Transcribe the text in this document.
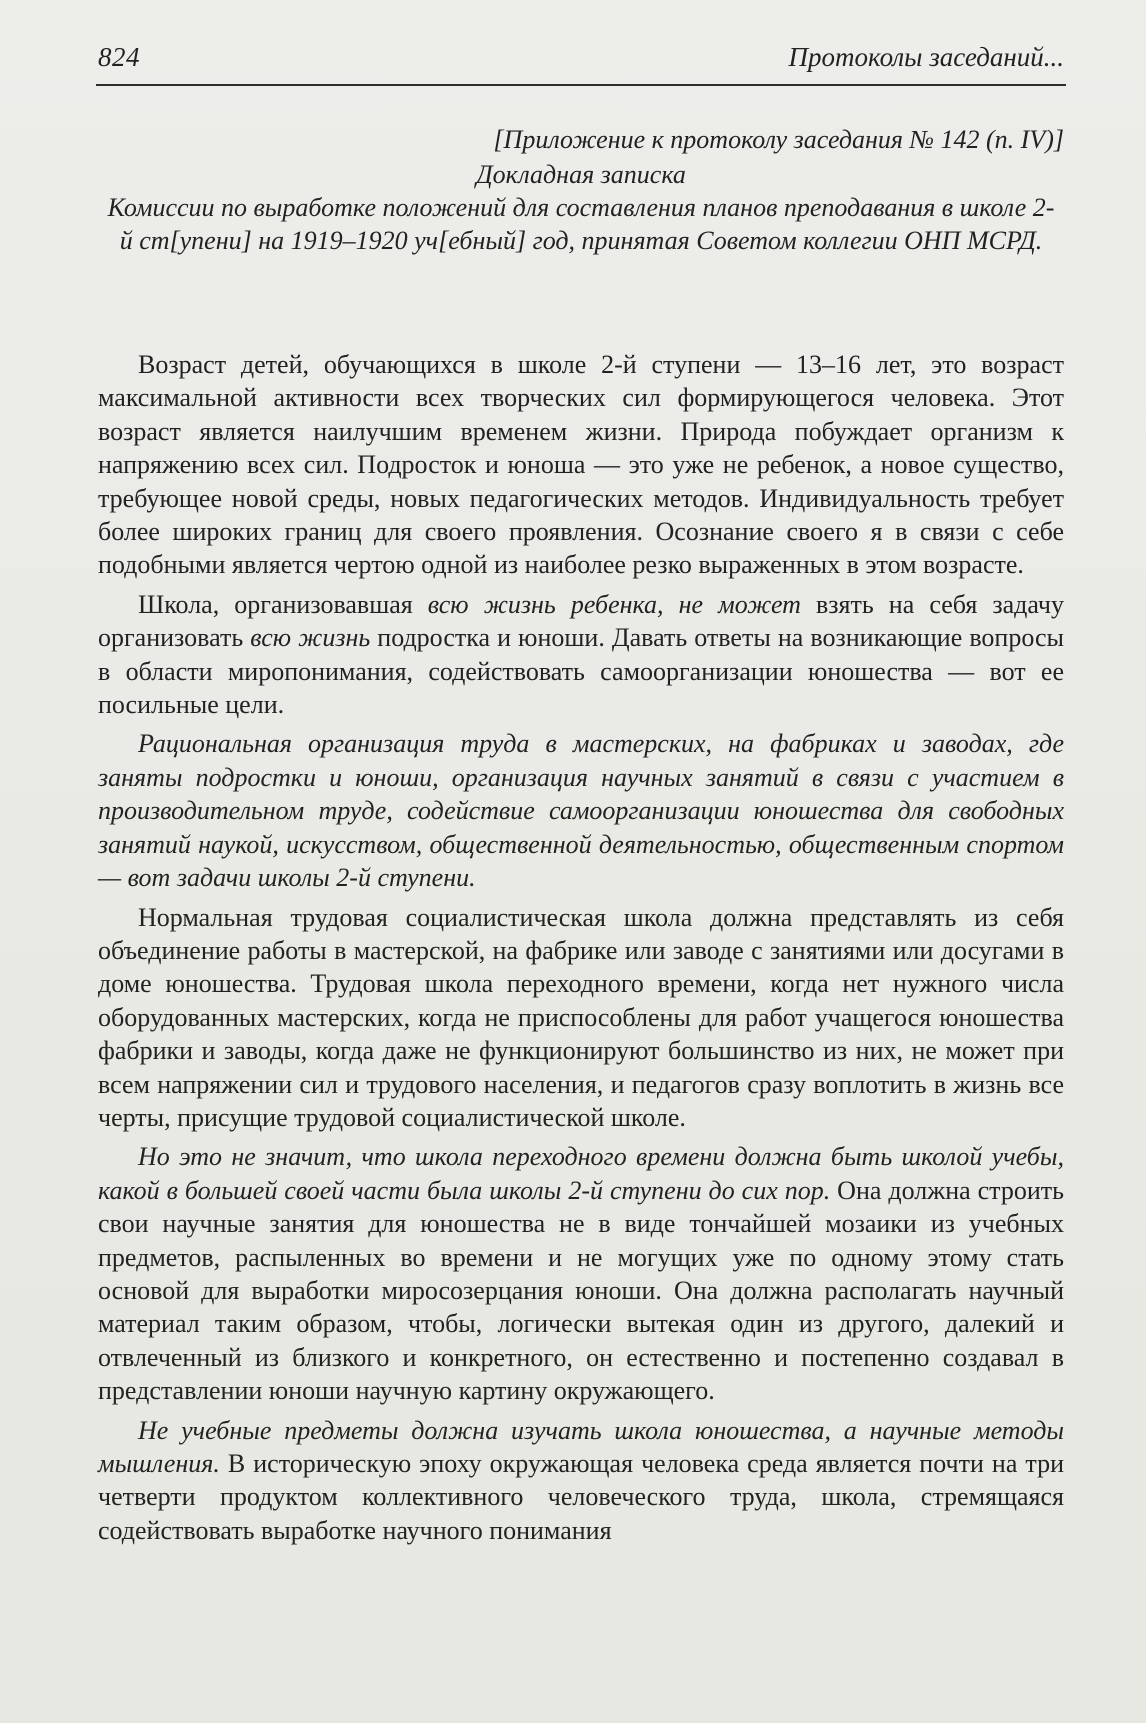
824	Протоколы заседаний...
[Приложение к протоколу заседания № 142 (п. IV)]
Докладная записка
Комиссии по выработке положений для составления планов преподавания в школе 2-й ст[упени] на 1919–1920 уч[ебный] год, принятая Советом коллегии ОНП МСРД.

Возраст детей, обучающихся в школе 2-й ступени — 13–16 лет, это возраст максимальной активности всех творческих сил формирующегося человека. Этот возраст является наилучшим временем жизни. Природа побуждает организм к напряжению всех сил. Подросток и юноша — это уже не ребенок, а новое существо, требующее новой среды, новых педагогических методов. Индивидуальность требует более широких границ для своего проявления. Осознание своего я в связи с себе подобными является чертою одной из наиболее резко выраженных в этом возрасте.

Школа, организовавшая всю жизнь ребенка, не может взять на себя задачу организовать всю жизнь подростка и юноши. Давать ответы на возникающие вопросы в области миропонимания, содействовать самоорганизации юношества — вот ее посильные цели.

Рациональная организация труда в мастерских, на фабриках и заводах, где заняты подростки и юноши, организация научных занятий в связи с участием в производительном труде, содействие самоорганизации юношества для свободных занятий наукой, искусством, общественной деятельностью, общественным спортом — вот задачи школы 2-й ступени.

Нормальная трудовая социалистическая школа должна представлять из себя объединение работы в мастерской, на фабрике или заводе с занятиями или досугами в доме юношества. Трудовая школа переходного времени, когда нет нужного числа оборудованных мастерских, когда не приспособлены для работ учащегося юношества фабрики и заводы, когда даже не функционируют большинство из них, не может при всем напряжении сил и трудового населения, и педагогов сразу воплотить в жизнь все черты, присущие трудовой социалистической школе.

Но это не значит, что школа переходного времени должна быть школой учебы, какой в большей своей части была школы 2-й ступени до сих пор. Она должна строить свои научные занятия для юношества не в виде тончайшей мозаики из учебных предметов, распыленных во времени и не могущих уже по одному этому стать основой для выработки миросозерцания юноши. Она должна располагать научный материал таким образом, чтобы, логически вытекая один из другого, далекий и отвлеченный из близкого и конкретного, он естественно и постепенно создавал в представлении юноши научную картину окружающего.

Не учебные предметы должна изучать школа юношества, а научные методы мышления. В историческую эпоху окружающая человека среда является почти на три четверти продуктом коллективного человеческого труда, школа, стремящаяся содействовать выработке научного понимания
